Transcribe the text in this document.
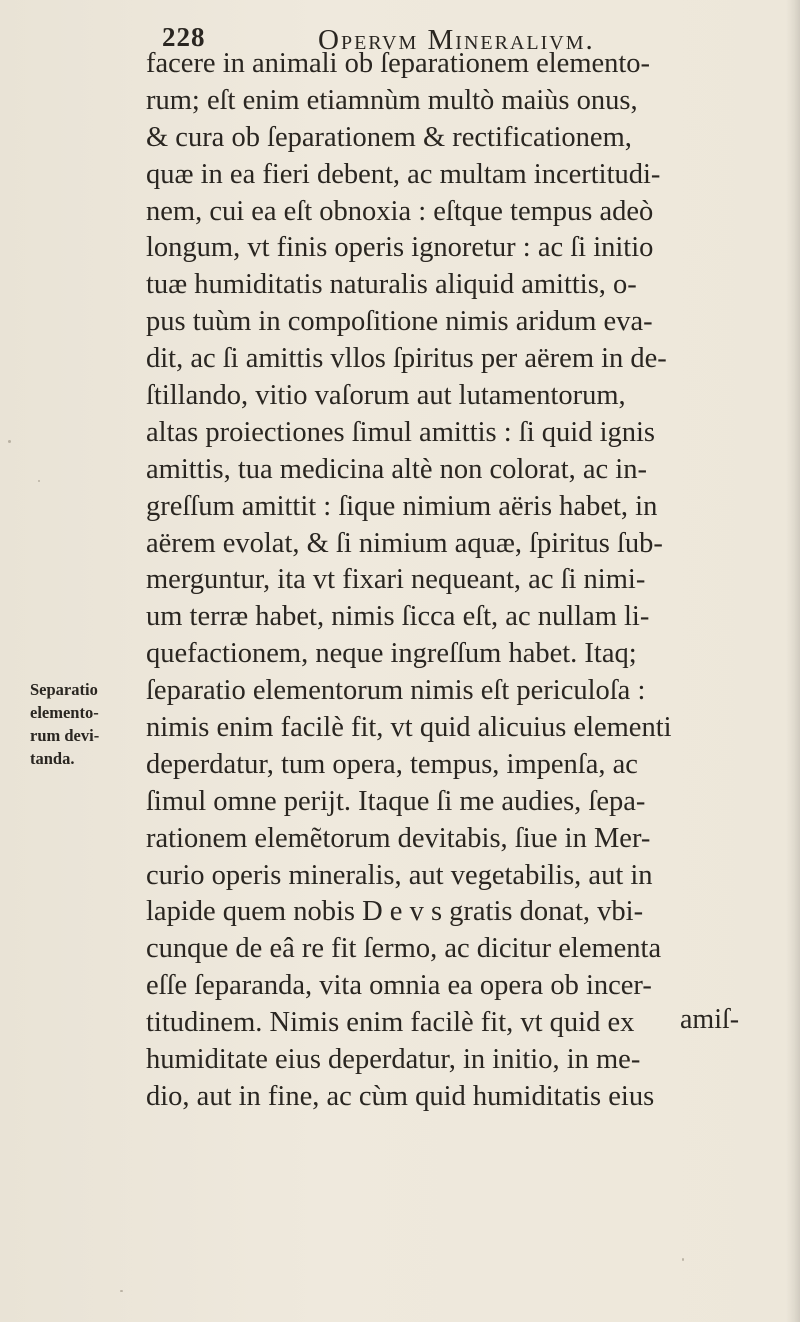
228	Opervm Mineralivm.
facere in animali ob ſeparationem elemento-
rum; eſt enim etiamnùm multò maiùs onus,
& cura ob ſeparationem & rectificationem,
quæ in ea fieri debent, ac multam incertitudi-
nem, cui ea eſt obnoxia : eſtque tempus adeò
longum, vt finis operis ignoretur : ac ſi initio
tuæ humiditatis naturalis aliquid amittis, o-
pus tuùm in compoſitione nimis aridum eva-
dit, ac ſi amittis vllos ſpiritus per aërem in de-
ſtillando, vitio vaſorum aut lutamentorum,
altas proiectiones ſimul amittis : ſi quid ignis
amittis, tua medicina altè non colorat, ac in-
greſſum amittit : ſique nimium aëris habet, in
aërem evolat, & ſi nimium aquæ, ſpiritus ſub-
merguntur, ita vt fixari nequeant, ac ſi nimi-
um terræ habet, nimis ſicca eſt, ac nullam li-
quefactionem, neque ingreſſum habet. Itaq;
ſeparatio elementorum nimis eſt periculoſa :
nimis enim facilè fit, vt quid alicuius elementi
deperdatur, tum opera, tempus, impenſa, ac
ſimul omne perijt. Itaque ſi me audies, ſepa-
rationem elemẽtorum devitabis, ſiue in Mer-
curio operis mineralis, aut vegetabilis, aut in
lapide quem nobis D e v s gratis donat, vbi-
cunque de eâ re fit ſermo, ac dicitur elementa
eſſe ſeparanda, vita omnia ea opera ob incer-
titudinem. Nimis enim facilè fit, vt quid ex
humiditate eius deperdatur, in initio, in me-
dio, aut in fine, ac cùm quid humiditatis eius
amiſ-
Separatio
elemento-
rum devi-
tanda.
